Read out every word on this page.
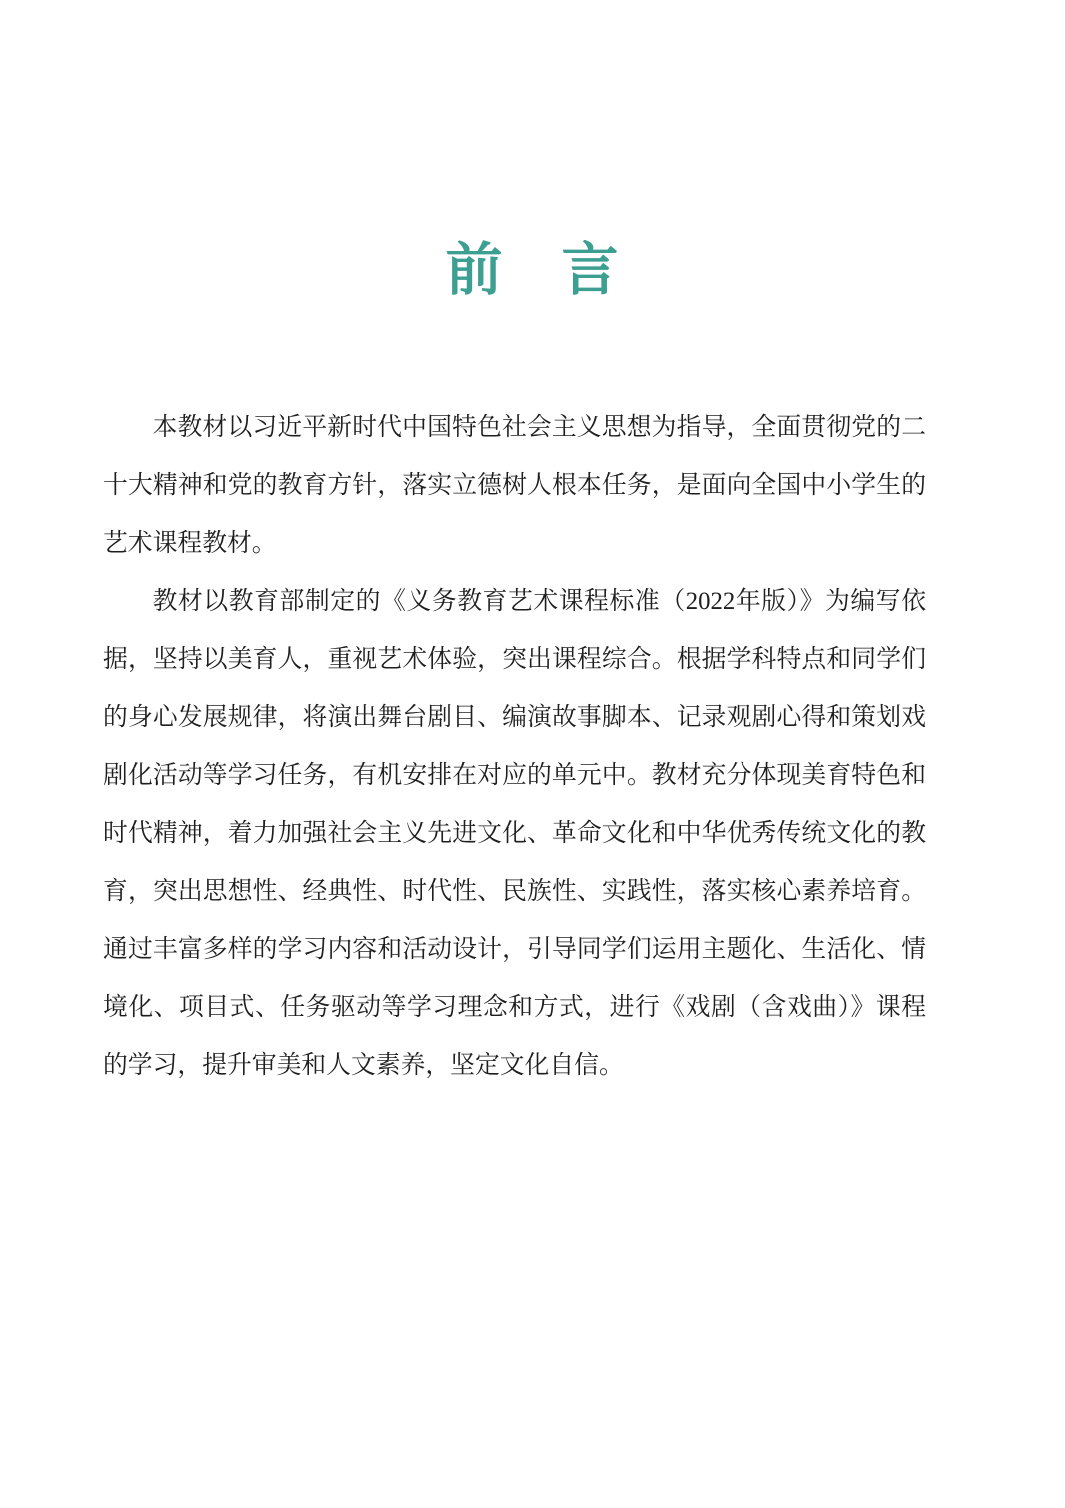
前　言

本教材以习近平新时代中国特色社会主义思想为指导，全面贯彻党的二十大精神和党的教育方针，落实立德树人根本任务，是面向全国中小学生的艺术课程教材。

教材以教育部制定的《义务教育艺术课程标准（2022年版）》为编写依据，坚持以美育人，重视艺术体验，突出课程综合。根据学科特点和同学们的身心发展规律，将演出舞台剧目、编演故事脚本、记录观剧心得和策划戏剧化活动等学习任务，有机安排在对应的单元中。教材充分体现美育特色和时代精神，着力加强社会主义先进文化、革命文化和中华优秀传统文化的教育，突出思想性、经典性、时代性、民族性、实践性，落实核心素养培育。通过丰富多样的学习内容和活动设计，引导同学们运用主题化、生活化、情境化、项目式、任务驱动等学习理念和方式，进行《戏剧（含戏曲）》课程的学习，提升审美和人文素养，坚定文化自信。
